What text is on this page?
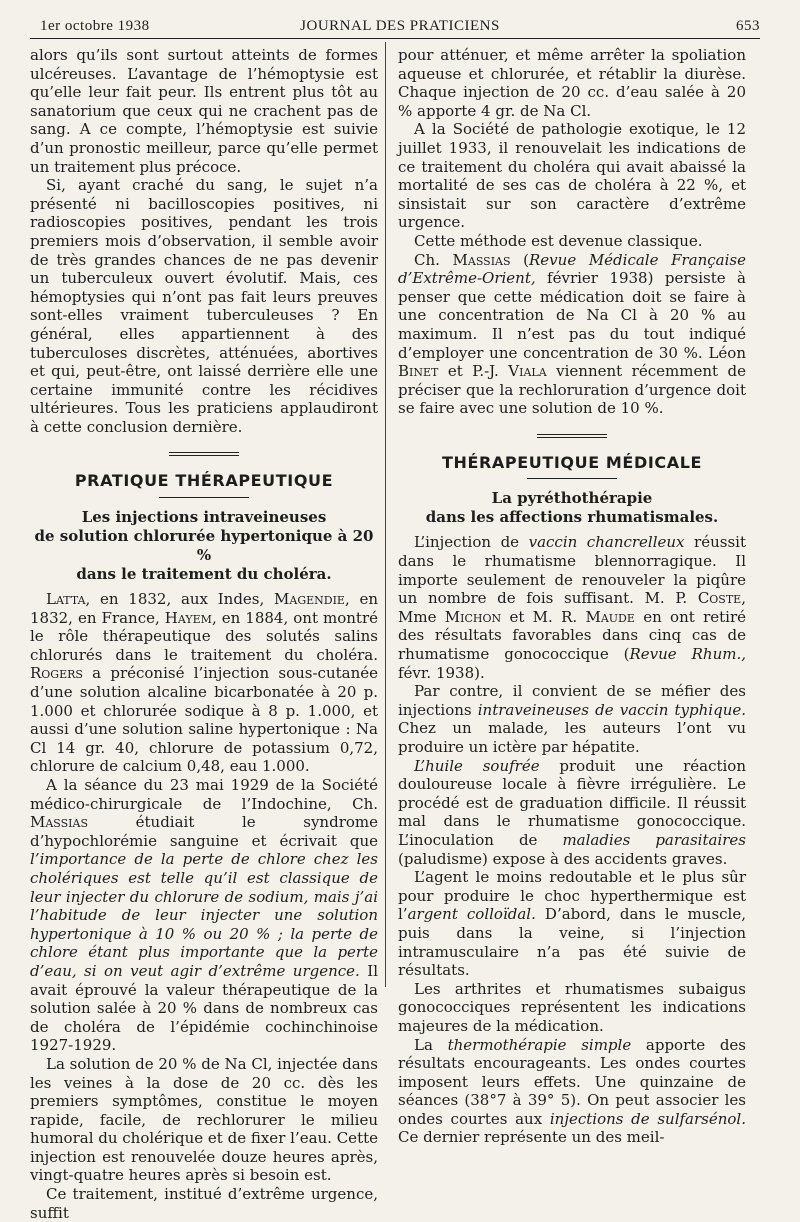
1er octobre 1938	JOURNAL DES PRATICIENS	653

alors qu’ils sont surtout atteints de formes ulcéreuses. L’avantage de l’hémoptysie est qu’elle leur fait peur. Ils entrent plus tôt au sanatorium que ceux qui ne crachent pas de sang. A ce compte, l’hémoptysie est suivie d’un pronostic meilleur, parce qu’elle permet un traitement plus précoce.

Si, ayant craché du sang, le sujet n’a présenté ni bacilloscopies positives, ni radioscopies positives, pendant les trois premiers mois d’observation, il semble avoir de très grandes chances de ne pas devenir un tuberculeux ouvert évolutif. Mais, ces hémoptysies qui n’ont pas fait leurs preuves sont-elles vraiment tuberculeuses ? En général, elles appartiennent à des tuberculoses discrètes, atténuées, abortives et qui, peut-être, ont laissé derrière elle une certaine immunité contre les récidives ultérieures. Tous les praticiens applaudiront à cette conclusion dernière.

PRATIQUE THÉRAPEUTIQUE
Les injections intraveineuses
de solution chlorurée hypertonique à 20 %
dans le traitement du choléra.

Latta, en 1832, aux Indes, Magendie, en 1832, en France, Hayem, en 1884, ont montré le rôle thérapeutique des solutés salins chlorurés dans le traitement du choléra. Rogers a préconisé l’injection sous-cutanée d’une solution alcaline bicarbonatée à 20 p. 1.000 et chlorurée sodique à 8 p. 1.000, et aussi d’une solution saline hypertonique : Na Cl 14 gr. 40, chlorure de potassium 0,72, chlorure de calcium 0,48, eau 1.000.

A la séance du 23 mai 1929 de la Société médico-chirurgicale de l’Indochine, Ch. Massias étudiait le syndrome d’hypochlorémie sanguine et écrivait que l’importance de la perte de chlore chez les cholériques est telle qu’il est classique de leur injecter du chlorure de sodium, mais j’ai l’habitude de leur injecter une solution hypertonique à 10 % ou 20 % ; la perte de chlore étant plus importante que la perte d’eau, si on veut agir d’extrême urgence. Il avait éprouvé la valeur thérapeutique de la solution salée à 20 % dans de nombreux cas de choléra de l’épidémie cochinchinoise 1927-1929.

La solution de 20 % de Na Cl, injectée dans les veines à la dose de 20 cc. dès les premiers symptômes, constitue le moyen rapide, facile, de rechlorurer le milieu humoral du cholérique et de fixer l’eau. Cette injection est renouvelée douze heures après, vingt-quatre heures après si besoin est.

Ce traitement, institué d’extrême urgence, suffit

pour atténuer, et même arrêter la spoliation aqueuse et chlorurée, et rétablir la diurèse. Chaque injection de 20 cc. d’eau salée à 20 % apporte 4 gr. de Na Cl.

A la Société de pathologie exotique, le 12 juillet 1933, il renouvelait les indications de ce traitement du choléra qui avait abaissé la mortalité de ses cas de choléra à 22 %, et sinsistait sur son caractère d’extrême urgence.

Cette méthode est devenue classique.

Ch. Massias (Revue Médicale Française d’Extrême-Orient, février 1938) persiste à penser que cette médication doit se faire à une concentration de Na Cl à 20 % au maximum. Il n’est pas du tout indiqué d’employer une concentration de 30 %. Léon Binet et P.-J. Viala viennent récemment de préciser que la rechloruration d’urgence doit se faire avec une solution de 10 %.

THÉRAPEUTIQUE MÉDICALE
La pyréthothérapie
dans les affections rhumatismales.

L’injection de vaccin chancrelleux réussit dans le rhumatisme blennorragique. Il importe seulement de renouveler la piqûre un nombre de fois suffisant. M. P. Coste, Mme Michon et M. R. Maude en ont retiré des résultats favorables dans cinq cas de rhumatisme gonococcique (Revue Rhum., févr. 1938).

Par contre, il convient de se méfier des injections intraveineuses de vaccin typhique. Chez un malade, les auteurs l’ont vu produire un ictère par hépatite.

L’huile soufrée produit une réaction douloureuse locale à fièvre irrégulière. Le procédé est de graduation difficile. Il réussit mal dans le rhumatisme gonococcique. L’inoculation de maladies parasitaires (paludisme) expose à des accidents graves.

L’agent le moins redoutable et le plus sûr pour produire le choc hyperthermique est l’argent colloïdal. D’abord, dans le muscle, puis dans la veine, si l’injection intramusculaire n’a pas été suivie de résultats.

Les arthrites et rhumatismes subaigus gonococciques représentent les indications majeures de la médication.

La thermothérapie simple apporte des résultats encourageants. Les ondes courtes imposent leurs effets. Une quinzaine de séances (38°7 à 39° 5). On peut associer les ondes courtes aux injections de sulfarsénol. Ce dernier représente un des meil-
